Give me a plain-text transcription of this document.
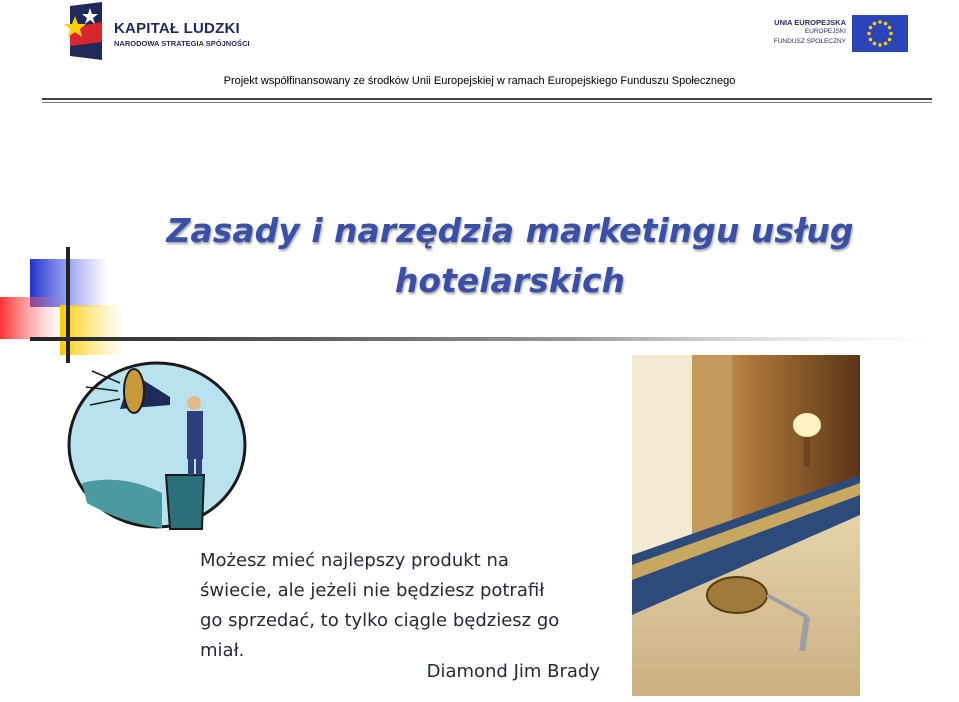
KAPITAŁ LUDZKI
NARODOWA STRATEGIA SPÓJNOŚCI
UNIA EUROPEJSKA
EUROPEJSKI
FUNDUSZ SPOŁECZNY
Projekt współfinansowany ze środków Unii Europejskiej w ramach Europejskiego Funduszu Społecznego
Zasady i narzędzia marketingu usług
hotelarskich
Możesz mieć najlepszy produkt na
świecie, ale jeżeli nie będziesz potrafił
go sprzedać, to tylko ciągle będziesz go
miał.
Diamond Jim Brady
